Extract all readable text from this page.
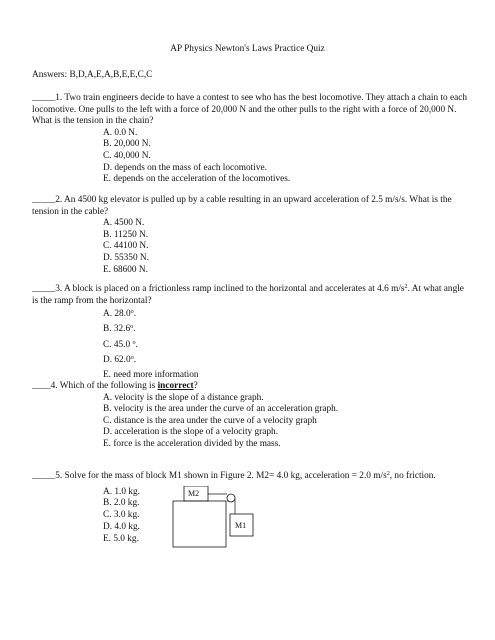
AP Physics Newton's Laws Practice Quiz
Answers: B,D,A,E,A,B,E,E,C,C

_____1. Two train engineers decide to have a contest to see who has the best locomotive. They attach a chain to each locomotive. One pulls to the left with a force of 20,000 N and the other pulls to the right with a force of 20,000 N. What is the tension in the chain?

A. 0.0 N.
B. 20,000 N.
C. 40,000 N.
D. depends on the mass of each locomotive.
E. depends on the acceleration of the locomotives.

_____2. An 4500 kg elevator is pulled up by a cable resulting in an upward acceleration of 2.5 m/s/s. What is the tension in the cable?

A. 4500 N.
B. 11250 N.
C. 44100 N.
D. 55350 N.
E. 68600 N.

_____3. A block is placed on a frictionless ramp inclined to the horizontal and accelerates at 4.6 $m/s^2$. At what angle is the ramp from the horizontal?

A. 28.0$^o$.
B. 32.6$^o$.
C. 45.0 $^o$.
D. 62.0$^o$.
E. need more information

____4. Which of the following is incorrect?

A. velocity is the slope of a distance graph.
B. velocity is the area under the curve of an acceleration graph.
C. distance is the area under the curve of a velocity graph
D. acceleration is the slope of a velocity graph.
E. force is the acceleration divided by the mass.

_____5. Solve for the mass of block M1 shown in Figure 2. M2= 4.0 kg, acceleration = 2.0 $m/s^2$, no friction.

A. 1.0 kg.
B. 2.0 kg.
C. 3.0 kg.
D. 4.0 kg.
E. 5.0 kg.
M2
M1
